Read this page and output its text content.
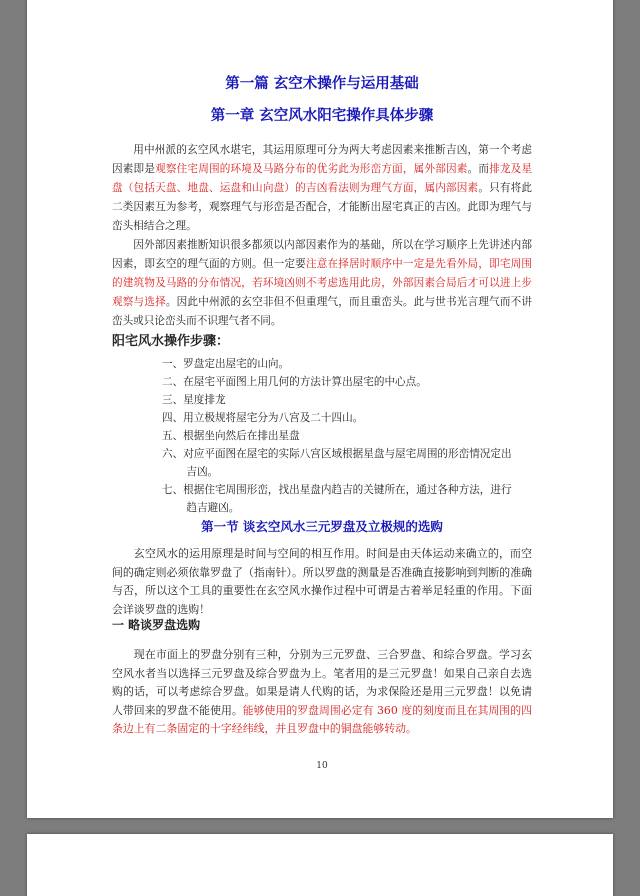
第一篇 玄空术操作与运用基础
第一章 玄空风水阳宅操作具体步骤

用中州派的玄空风水堪宅，其运用原理可分为两大考虑因素来推断吉凶，第一个考虑因素即是观察住宅周围的环境及马路分布的优劣此为形峦方面，属外部因素。而排龙及星盘（包括天盘、地盘、运盘和山向盘）的吉凶看法则为理气方面，属内部因素。只有将此二类因素互为参考，观察理气与形峦是否配合，才能断出屋宅真正的吉凶。此即为理气与峦头相结合之理。

因外部因素推断知识很多都须以内部因素作为的基础，所以在学习顺序上先讲述内部因素，即玄空的理气面的方则。但一定要注意在择居时顺序中一定是先看外局，即宅周围的建筑物及马路的分布情况，若环境凶则不考虑选用此房，外部因素合局后才可以进上步观察与选择。因此中州派的玄空非但不但重理气，而且重峦头。此与世书光言理气而不讲峦头或只论峦头而不识理气者不同。

阳宅风水操作步骤：
一、罗盘定出屋宅的山向。
二、在屋宅平面图上用几何的方法计算出屋宅的中心点。
三、星度排龙
四、用立极规将屋宅分为八宫及二十四山。
五、根据坐向然后在排出星盘
六、对应平面图在屋宅的实际八宫区域根据星盘与屋宅周围的形峦情况定出吉凶。
七、根据住宅周围形峦，找出星盘内趋吉的关键所在，通过各种方法，进行趋吉避凶。
第一节 谈玄空风水三元罗盘及立极规的选购

玄空风水的运用原理是时间与空间的相互作用。时间是由天体运动来确立的，而空间的确定则必须依靠罗盘了（指南针）。所以罗盘的测量是否准确直接影响到判断的准确与否，所以这个工具的重要性在玄空风水操作过程中可谓是古着举足轻重的作用。下面会详谈罗盘的选购！

一 略谈罗盘选购

现在市面上的罗盘分别有三种，分别为三元罗盘、三合罗盘、和综合罗盘。学习玄空风水者当以选择三元罗盘及综合罗盘为上。笔者用的是三元罗盘！如果自己亲自去选购的话，可以考虑综合罗盘。如果是请人代购的话，为求保险还是用三元罗盘！以免请人带回来的罗盘不能使用。能够使用的罗盘周围必定有 360 度的刻度而且在其周围的四条边上有二条固定的十字经纬线，并且罗盘中的铜盘能够转动。

10
